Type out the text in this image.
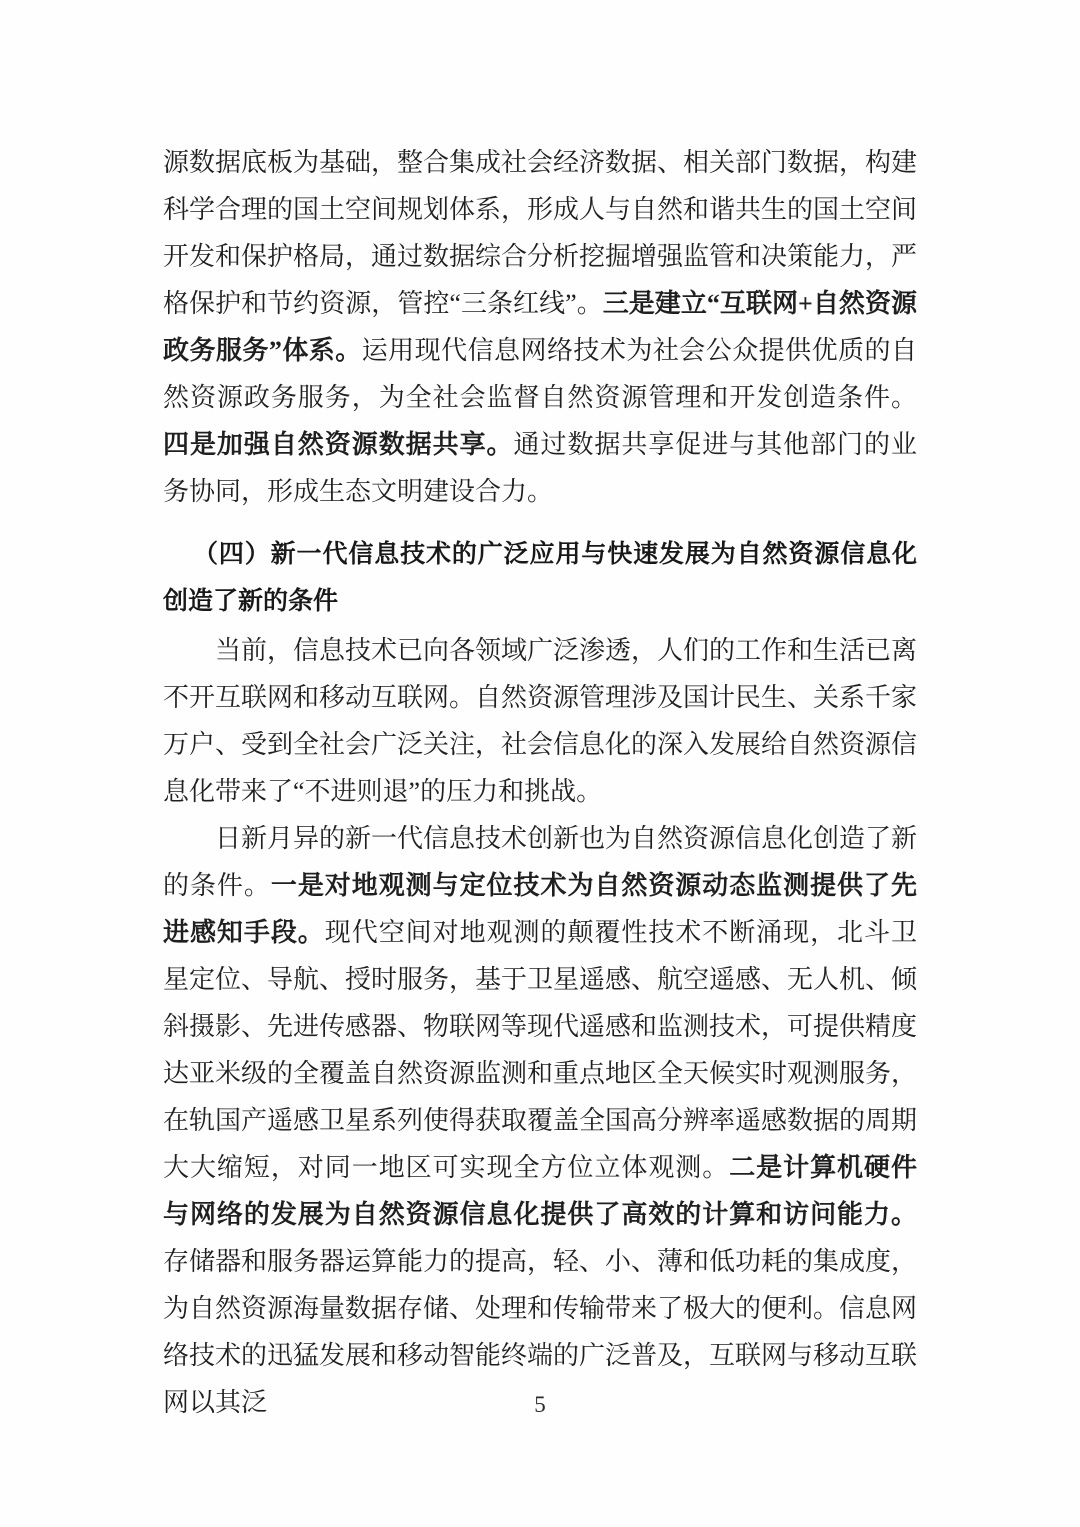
源数据底板为基础，整合集成社会经济数据、相关部门数据，构建科学合理的国土空间规划体系，形成人与自然和谐共生的国土空间开发和保护格局，通过数据综合分析挖掘增强监管和决策能力，严格保护和节约资源，管控“三条红线”。三是建立“互联网+自然资源政务服务”体系。运用现代信息网络技术为社会公众提供优质的自然资源政务服务，为全社会监督自然资源管理和开发创造条件。四是加强自然资源数据共享。通过数据共享促进与其他部门的业务协同，形成生态文明建设合力。

（四）新一代信息技术的广泛应用与快速发展为自然资源信息化创造了新的条件

当前，信息技术已向各领域广泛渗透，人们的工作和生活已离不开互联网和移动互联网。自然资源管理涉及国计民生、关系千家万户、受到全社会广泛关注，社会信息化的深入发展给自然资源信息化带来了“不进则退”的压力和挑战。

日新月异的新一代信息技术创新也为自然资源信息化创造了新的条件。一是对地观测与定位技术为自然资源动态监测提供了先进感知手段。现代空间对地观测的颠覆性技术不断涌现，北斗卫星定位、导航、授时服务，基于卫星遥感、航空遥感、无人机、倾斜摄影、先进传感器、物联网等现代遥感和监测技术，可提供精度达亚米级的全覆盖自然资源监测和重点地区全天候实时观测服务，在轨国产遥感卫星系列使得获取覆盖全国高分辨率遥感数据的周期大大缩短，对同一地区可实现全方位立体观测。二是计算机硬件与网络的发展为自然资源信息化提供了高效的计算和访问能力。存储器和服务器运算能力的提高，轻、小、薄和低功耗的集成度，为自然资源海量数据存储、处理和传输带来了极大的便利。信息网络技术的迅猛发展和移动智能终端的广泛普及，互联网与移动互联网以其泛	5
